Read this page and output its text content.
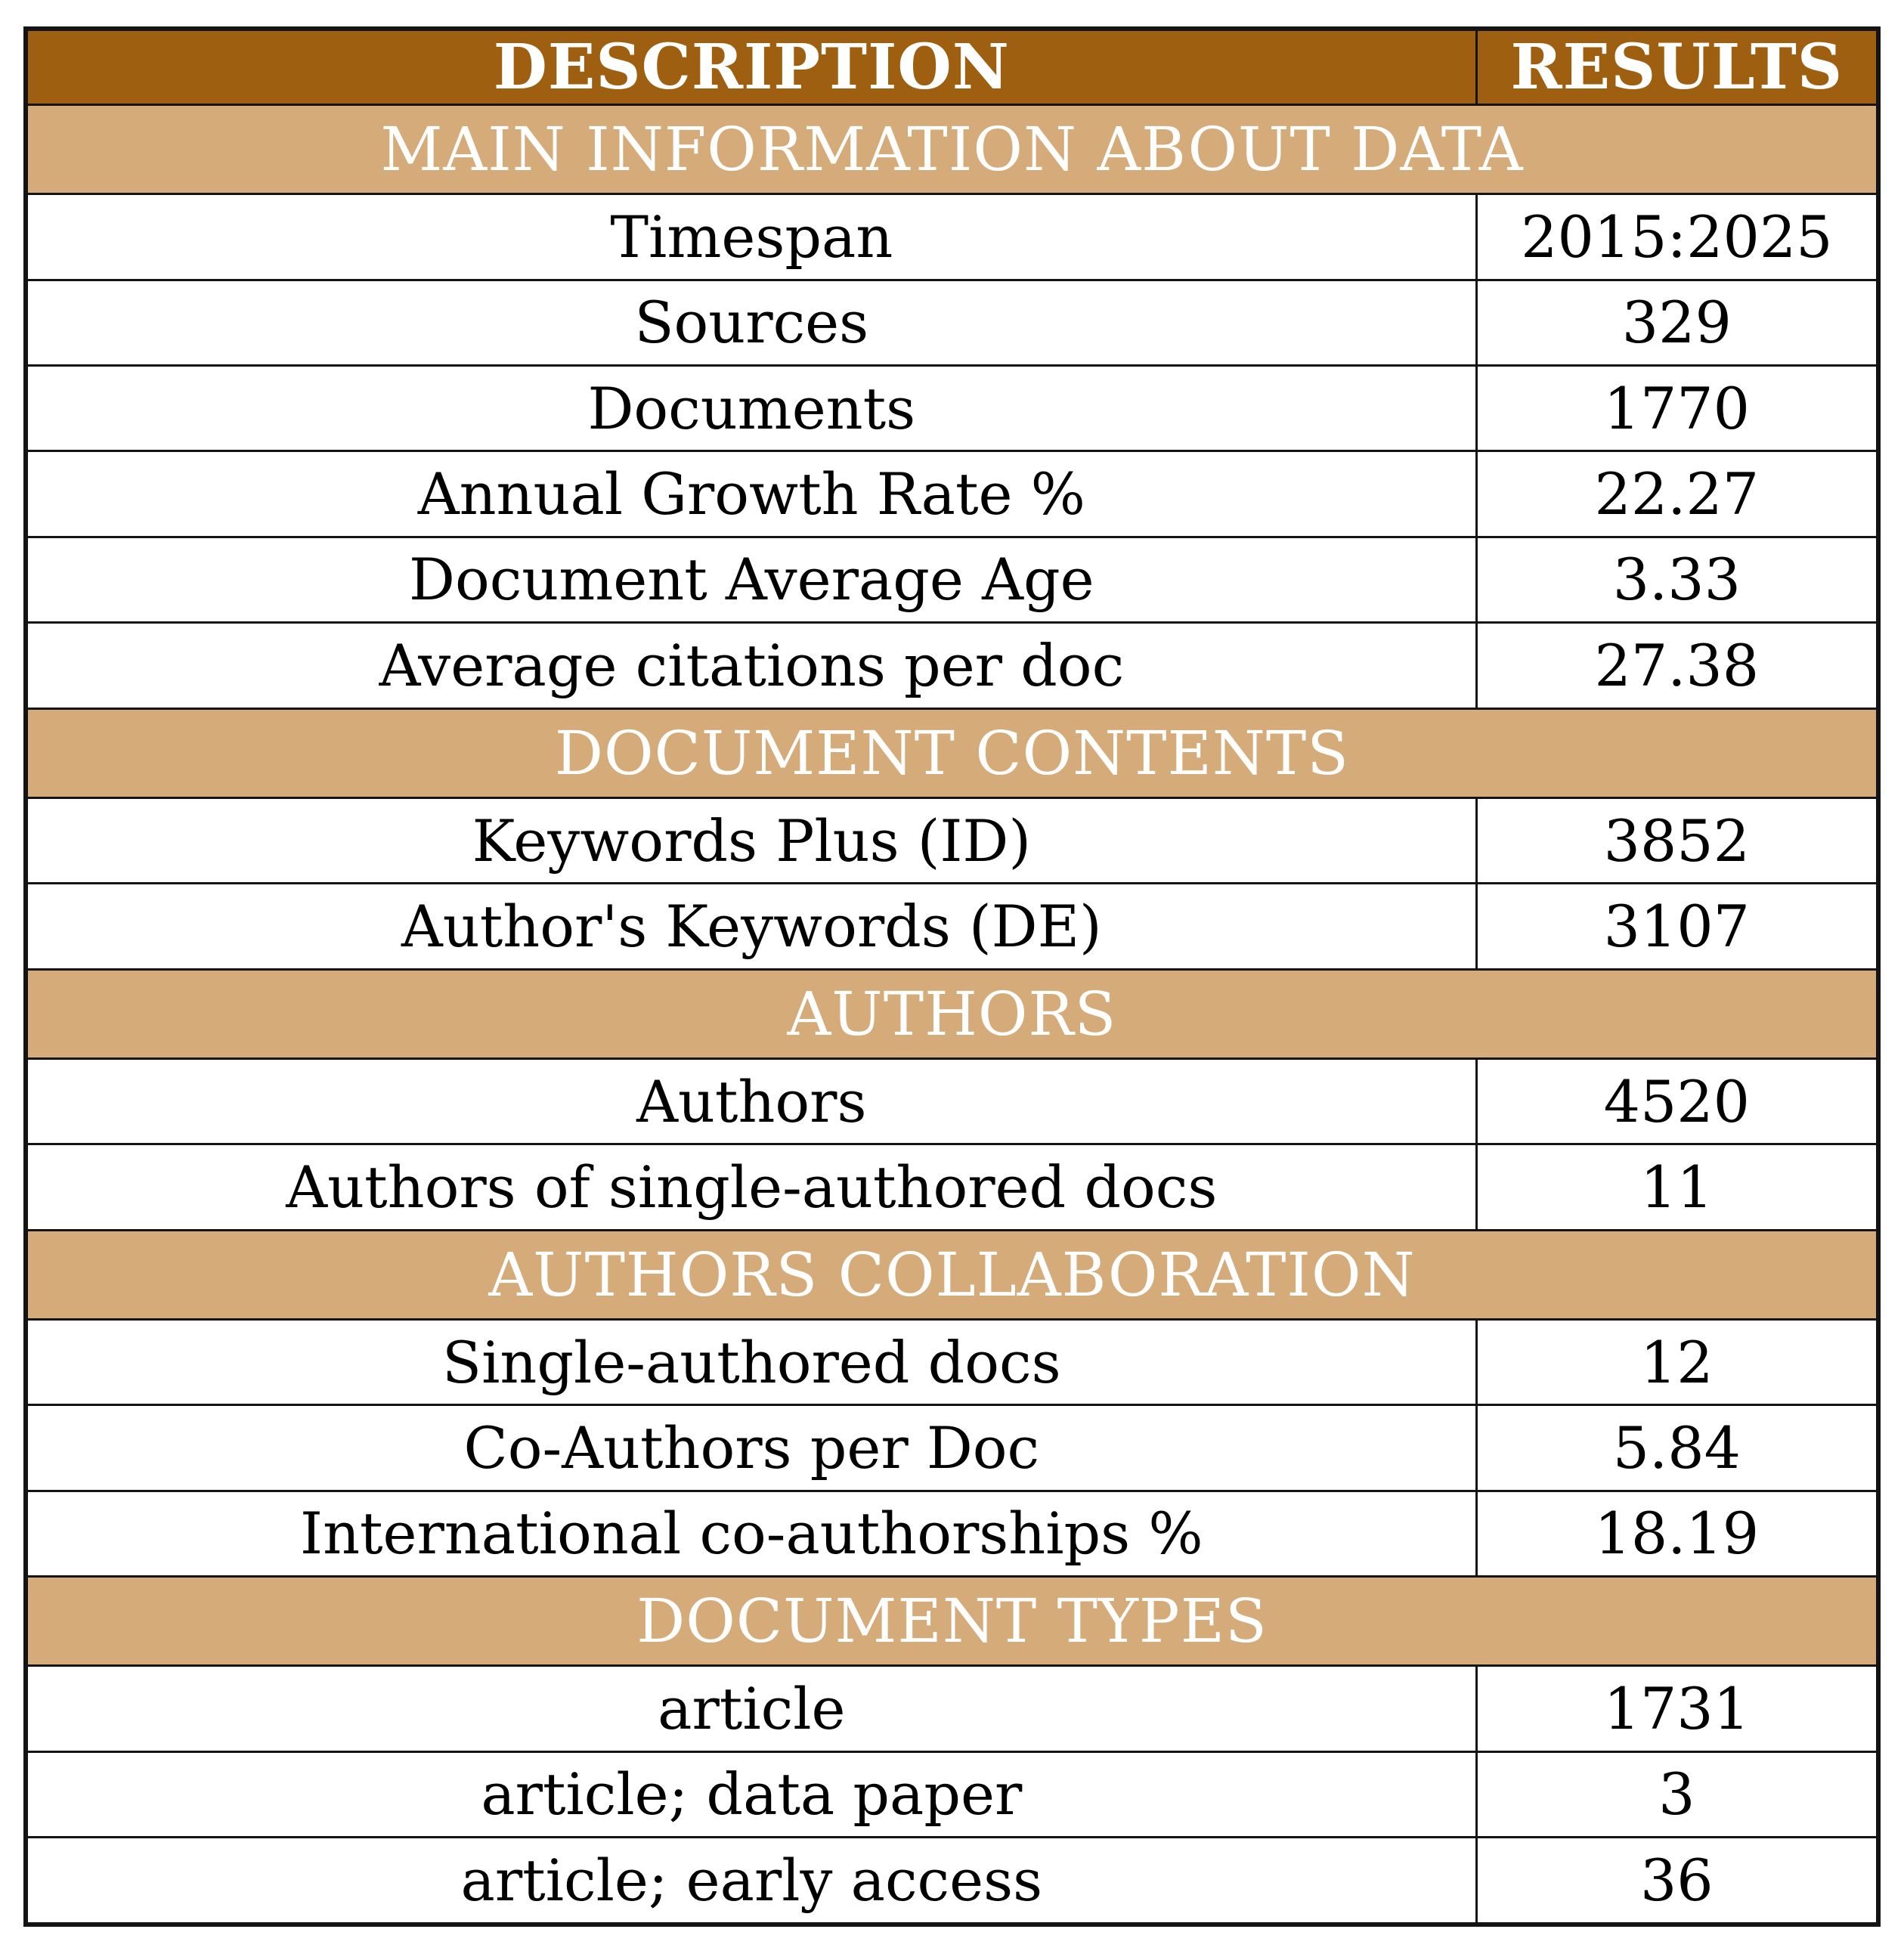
DESCRIPTION	RESULTS
MAIN INFORMATION ABOUT DATA	
Timespan	2015:2025
Sources	329
Documents	1770
Annual Growth Rate %	22.27
Document Average Age	3.33
Average citations per doc	27.38
DOCUMENT CONTENTS	
Keywords Plus (ID)	3852
Author's Keywords (DE)	3107
AUTHORS	
Authors	4520
Authors of single-authored docs	11
AUTHORS COLLABORATION	
Single-authored docs	12
Co-Authors per Doc	5.84
International co-authorships %	18.19
DOCUMENT TYPES	
article	1731
article; data paper	3
article; early access	36
